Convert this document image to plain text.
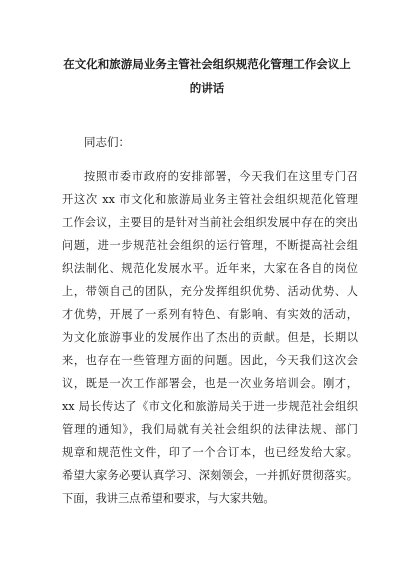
在文化和旅游局业务主管社会组织规范化管理工作会议上
的讲话
同志们：
按照市委市政府的安排部署，今天我们在这里专门召
开这次 xx 市文化和旅游局业务主管社会组织规范化管理
工作会议，主要目的是针对当前社会组织发展中存在的突出
问题，进一步规范社会组织的运行管理，不断提高社会组
织法制化、规范化发展水平。近年来，大家在各自的岗位
上，带领自己的团队，充分发挥组织优势、活动优势、人
才优势，开展了一系列有特色、有影响、有实效的活动，
为文化旅游事业的发展作出了杰出的贡献。但是，长期以
来，也存在一些管理方面的问题。因此，今天我们这次会
议，既是一次工作部署会，也是一次业务培训会。刚才，
xx 局长传达了《市文化和旅游局关于进一步规范社会组织
管理的通知》，我们局就有关社会组织的法律法规、部门
规章和规范性文件，印了一个合订本，也已经发给大家。
希望大家务必要认真学习、深刻领会，一并抓好贯彻落实。
下面，我讲三点希望和要求，与大家共勉。
